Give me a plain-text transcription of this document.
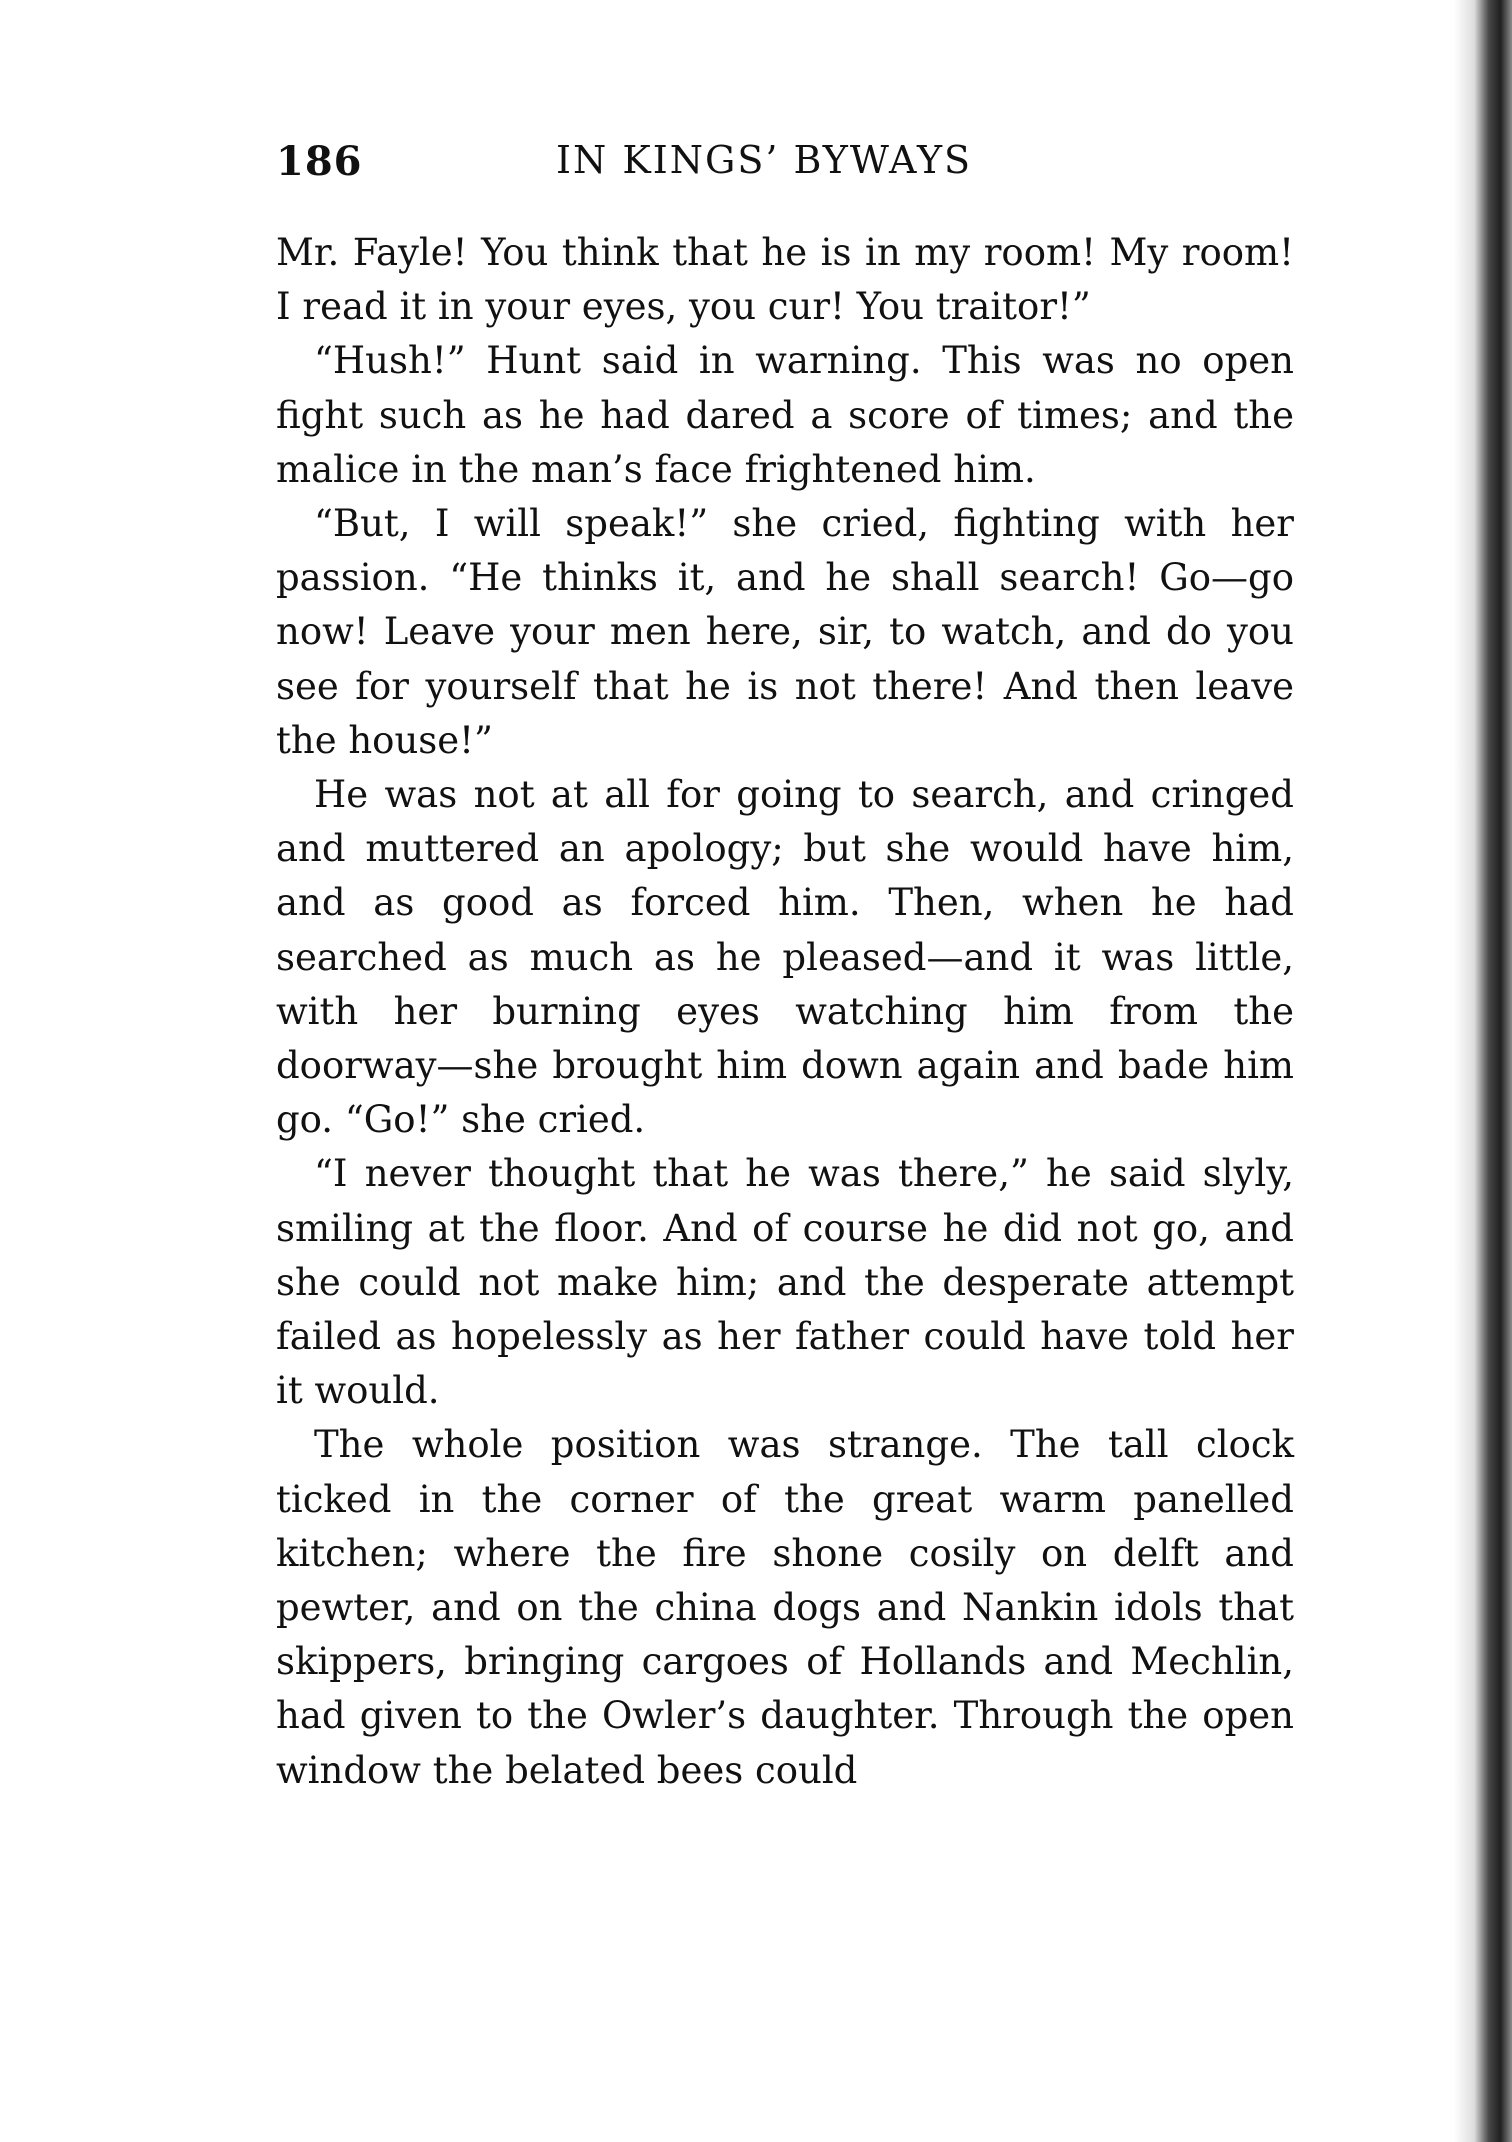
186	IN KINGS’ BYWAYS

Mr. Fayle! You think that he is in my room! My room! I read it in your eyes, you cur! You traitor!”

“Hush!” Hunt said in warning. This was no open fight such as he had dared a score of times; and the malice in the man’s face frightened him.

“But, I will speak!” she cried, fighting with her passion. “He thinks it, and he shall search! Go—go now! Leave your men here, sir, to watch, and do you see for yourself that he is not there! And then leave the house!”

He was not at all for going to search, and cringed and muttered an apology; but she would have him, and as good as forced him. Then, when he had searched as much as he pleased—and it was little, with her burning eyes watching him from the doorway—she brought him down again and bade him go. “Go!” she cried.

“I never thought that he was there,” he said slyly, smiling at the floor. And of course he did not go, and she could not make him; and the desperate attempt failed as hopelessly as her father could have told her it would.

The whole position was strange. The tall clock ticked in the corner of the great warm panelled kitchen; where the fire shone cosily on delft and pewter, and on the china dogs and Nankin idols that skippers, bringing cargoes of Hollands and Mechlin, had given to the Owler’s daughter. Through the open window the belated bees could
